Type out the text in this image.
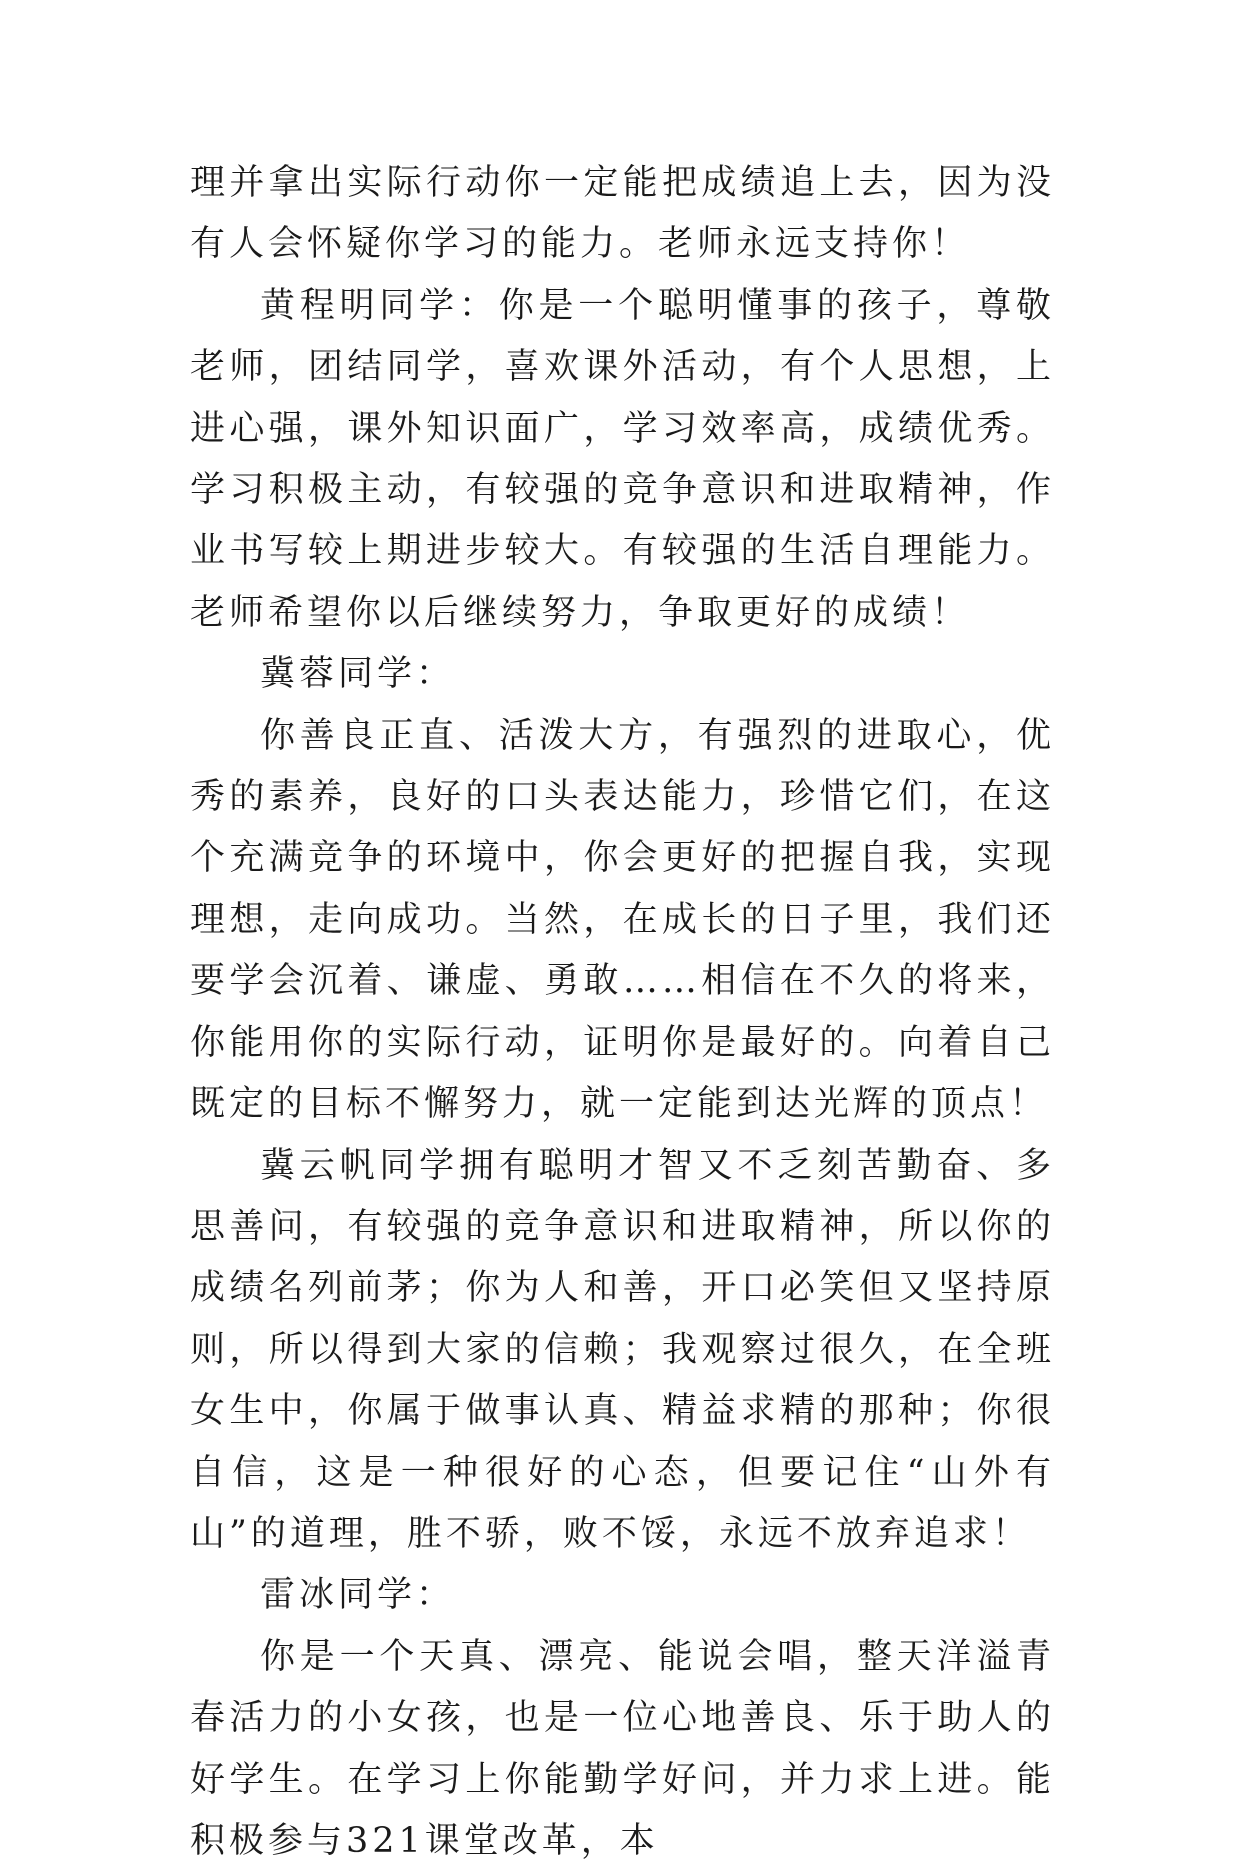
理并拿出实际行动你一定能把成绩追上去，因为没有人会怀疑你学习的能力。老师永远支持你！

黄程明同学：你是一个聪明懂事的孩子，尊敬老师，团结同学，喜欢课外活动，有个人思想，上进心强，课外知识面广，学习效率高，成绩优秀。学习积极主动，有较强的竞争意识和进取精神，作业书写较上期进步较大。有较强的生活自理能力。老师希望你以后继续努力，争取更好的成绩！

冀蓉同学：

你善良正直、活泼大方，有强烈的进取心，优秀的素养，良好的口头表达能力，珍惜它们，在这个充满竞争的环境中，你会更好的把握自我，实现理想，走向成功。当然，在成长的日子里，我们还要学会沉着、谦虚、勇敢……相信在不久的将来，你能用你的实际行动，证明你是最好的。向着自己既定的目标不懈努力，就一定能到达光辉的顶点！

冀云帆同学拥有聪明才智又不乏刻苦勤奋、多思善问，有较强的竞争意识和进取精神，所以你的成绩名列前茅；你为人和善，开口必笑但又坚持原则，所以得到大家的信赖；我观察过很久，在全班女生中，你属于做事认真、精益求精的那种；你很自信，这是一种很好的心态，但要记住“山外有山”的道理，胜不骄，败不馁，永远不放弃追求！

雷冰同学：

你是一个天真、漂亮、能说会唱，整天洋溢青春活力的小女孩，也是一位心地善良、乐于助人的好学生。在学习上你能勤学好问，并力求上进。能积极参与321课堂改革，本
